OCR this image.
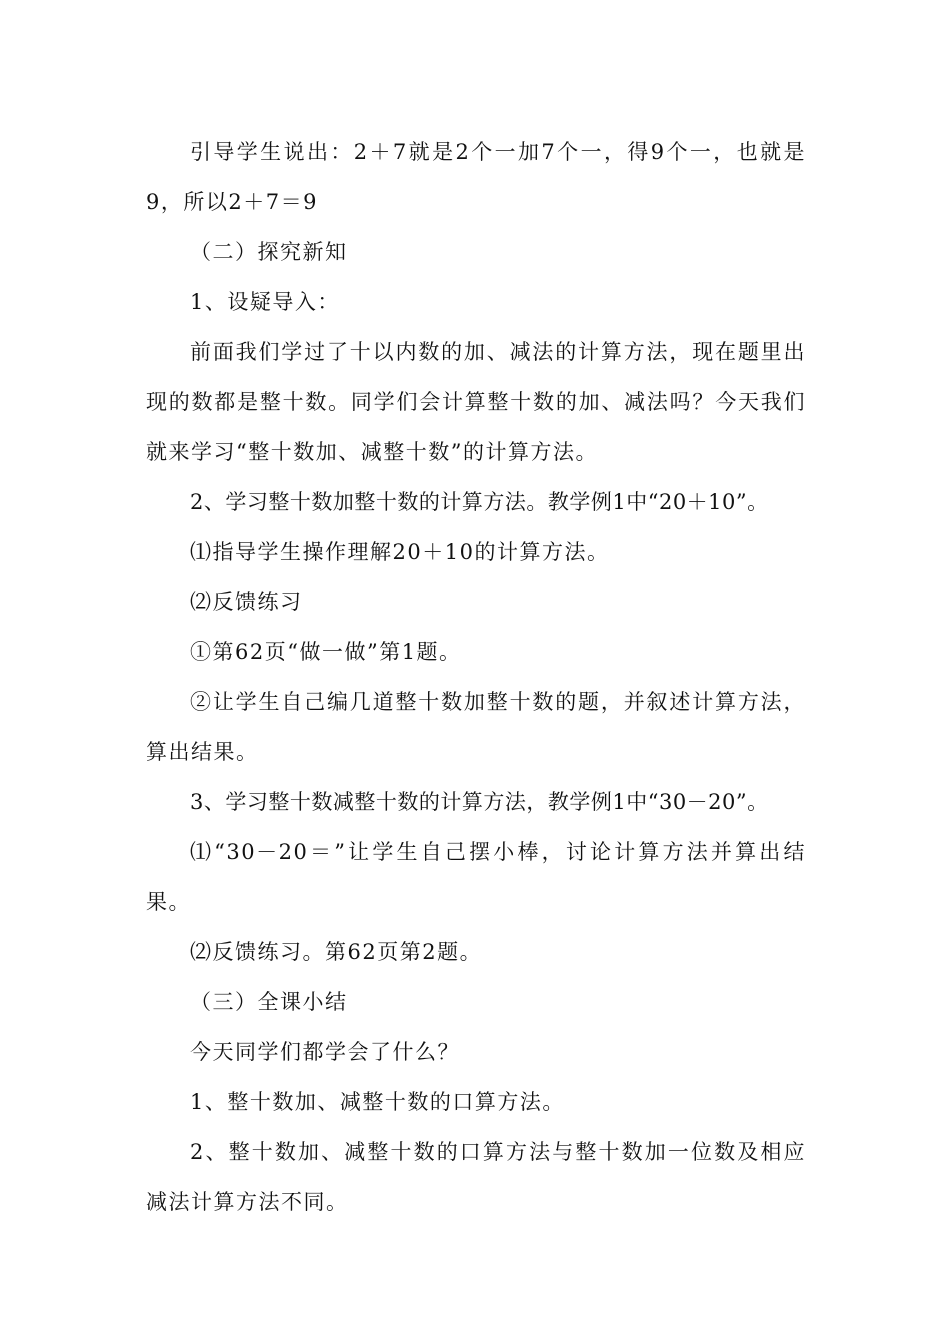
引导学生说出：2＋7就是2个一加7个一，得9个一，也就是9，所以2＋7＝9

（二）探究新知

1、设疑导入：

前面我们学过了十以内数的加、减法的计算方法，现在题里出现的数都是整十数。同学们会计算整十数的加、减法吗？今天我们就来学习“整十数加、减整十数”的计算方法。

2、学习整十数加整十数的计算方法。教学例1中“20＋10”。

⑴指导学生操作理解20＋10的计算方法。

⑵反馈练习

①第62页“做一做”第1题。

②让学生自己编几道整十数加整十数的题，并叙述计算方法，算出结果。

3、学习整十数减整十数的计算方法，教学例1中“30－20”。

⑴“30－20＝”让学生自己摆小棒，讨论计算方法并算出结果。

⑵反馈练习。第62页第2题。

（三）全课小结

今天同学们都学会了什么？

1、整十数加、减整十数的口算方法。

2、整十数加、减整十数的口算方法与整十数加一位数及相应减法计算方法不同。
